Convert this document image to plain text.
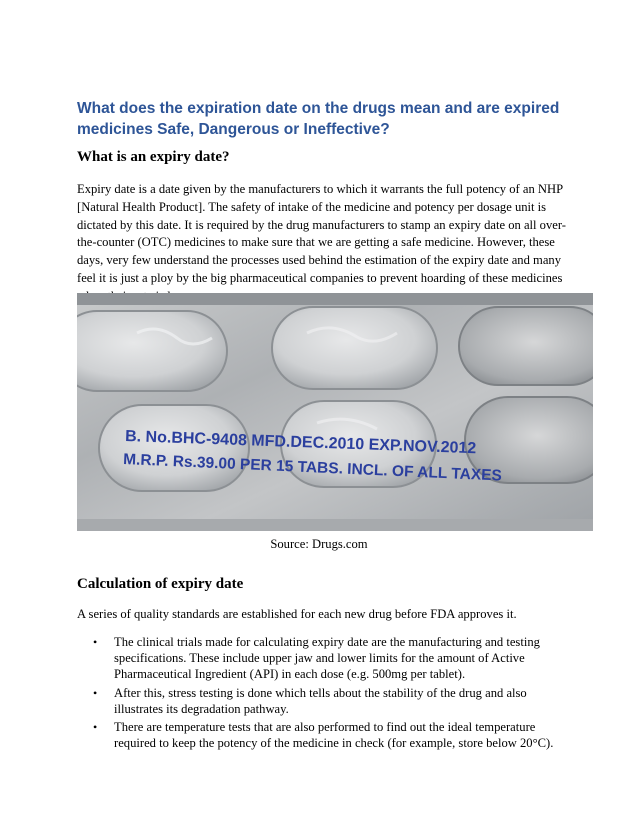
What does the expiration date on the drugs mean and are expired
medicines Safe, Dangerous or Ineffective?
What is an expiry date?
Expiry date is a date given by the manufacturers to which it warrants the full potency of an NHP
[Natural Health Product]. The safety of intake of the medicine and potency per dosage unit is
dictated by this date. It is required by the drug manufacturers to stamp an expiry date on all over-
the-counter (OTC) medicines to make sure that we are getting a safe medicine. However, these
days, very few understand the processes used behind the estimation of the expiry date and many
feel it is just a ploy by the big pharmaceutical companies to prevent hoarding of these medicines
B. No.BHC-9408 MFD.DEC.2010 EXP.NOV.2012
M.R.P. Rs.39.00 PER 15 TABS. INCL. OF ALL TAXES
Source: Drugs.com
Calculation of expiry date
A series of quality standards are established for each new drug before FDA approves it.
• The clinical trials made for calculating expiry date are the manufacturing and testing
specifications. These include upper jaw and lower limits for the amount of Active
Pharmaceutical Ingredient (API) in each dose (e.g. 500mg per tablet).
• After this, stress testing is done which tells about the stability of the drug and also
illustrates its degradation pathway.
• There are temperature tests that are also performed to find out the ideal temperature
required to keep the potency of the medicine in check (for example, store below 20°C).
